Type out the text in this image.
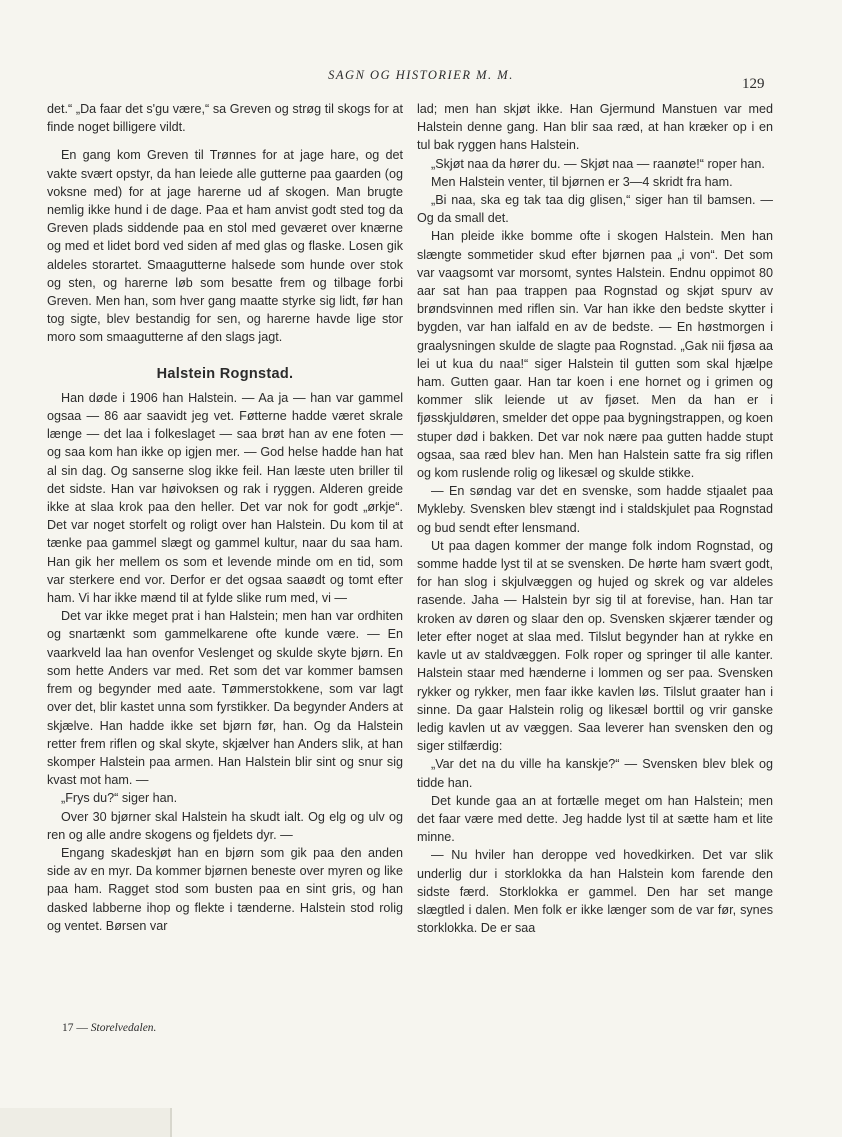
SAGN OG HISTORIER M. M.
129

det.“ „Da faar det s'gu være,“ sa Greven og strøg til skogs for at finde noget billigere vildt.

En gang kom Greven til Trønnes for at jage hare, og det vakte svært opstyr, da han leiede alle gutterne paa gaarden (og voksne med) for at jage harerne ud af skogen. Man brugte nemlig ikke hund i de dage. Paa et ham anvist godt sted tog da Greven plads siddende paa en stol med geværet over knærne og med et lidet bord ved siden af med glas og flaske. Losen gik aldeles storartet. Smaagutterne halsede som hunde over stok og sten, og harerne løb som besatte frem og tilbage forbi Greven. Men han, som hver gang maatte styrke sig lidt, før han tog sigte, blev bestandig for sen, og harerne havde lige stor moro som smaagutterne af den slags jagt.

Halstein Rognstad.

Han døde i 1906 han Halstein. — Aa ja — han var gammel ogsaa — 86 aar saavidt jeg vet. Føtterne hadde været skrale længe — det laa i folkeslaget — saa brøt han av ene foten — og saa kom han ikke op igjen mer. — God helse hadde han hat al sin dag. Og sanserne slog ikke feil. Han læste uten briller til det sidste. Han var høivoksen og rak i ryggen. Alderen greide ikke at slaa krok paa den heller. Det var nok for godt „ørkje“. Det var noget storfelt og roligt over han Halstein. Du kom til at tænke paa gammel slægt og gammel kultur, naar du saa ham. Han gik her mellem os som et levende minde om en tid, som var sterkere end vor. Derfor er det ogsaa saaødt og tomt efter ham. Vi har ikke mænd til at fylde slike rum med, vi —

Det var ikke meget prat i han Halstein; men han var ordhiten og snartænkt som gammelkarene ofte kunde være. — En vaarkveld laa han ovenfor Veslenget og skulde skyte bjørn. En som hette Anders var med. Ret som det var kommer bamsen frem og begynder med aate. Tømmerstokkene, som var lagt over det, blir kastet unna som fyrstikker. Da begynder Anders at skjælve. Han hadde ikke set bjørn før, han. Og da Halstein retter frem riflen og skal skyte, skjælver han Anders slik, at han skomper Halstein paa armen. Han Halstein blir sint og snur sig kvast mot ham. —

„Frys du?“ siger han.

Over 30 bjørner skal Halstein ha skudt ialt. Og elg og ulv og ren og alle andre skogens og fjeldets dyr. —

Engang skadeskjøt han en bjørn som gik paa den anden side av en myr. Da kommer bjørnen beneste over myren og like paa ham. Ragget stod som busten paa en sint gris, og han dasked labberne ihop og flekte i tænderne. Halstein stod rolig og ventet. Børsen var

lad; men han skjøt ikke. Han Gjermund Manstuen var med Halstein denne gang. Han blir saa ræd, at han kræker op i en tul bak ryggen hans Halstein.

„Skjøt naa da hører du. — Skjøt naa — raanøte!“ roper han.

Men Halstein venter, til bjørnen er 3—4 skridt fra ham.

„Bi naa, ska eg tak taa dig glisen,“ siger han til bamsen. — Og da small det.

Han pleide ikke bomme ofte i skogen Halstein. Men han slængte sommetider skud efter bjørnen paa „i von“. Det som var vaagsomt var morsomt, syntes Halstein. Endnu oppimot 80 aar sat han paa trappen paa Rognstad og skjøt spurv av brøndsvinnen med riflen sin. Var han ikke den bedste skytter i bygden, var han ialfald en av de bedste. — En høstmorgen i graalysningen skulde de slagte paa Rognstad. „Gak nii fjøsa aa lei ut kua du naa!“ siger Halstein til gutten som skal hjælpe ham. Gutten gaar. Han tar koen i ene hornet og i grimen og kommer slik leiende ut av fjøset. Men da han er i fjøsskjuldøren, smelder det oppe paa bygningstrappen, og koen stuper død i bakken. Det var nok nære paa gutten hadde stupt ogsaa, saa ræd blev han. Men han Halstein satte fra sig riflen og kom ruslende rolig og likesæl og skulde stikke.

— En søndag var det en svenske, som hadde stjaalet paa Mykleby. Svensken blev stængt ind i staldskjulet paa Rognstad og bud sendt efter lensmand.

Ut paa dagen kommer der mange folk indom Rognstad, og somme hadde lyst til at se svensken. De hørte ham svært godt, for han slog i skjulvæggen og hujed og skrek og var aldeles rasende. Jaha — Halstein byr sig til at forevise, han. Han tar kroken av døren og slaar den op. Svensken skjærer tænder og leter efter noget at slaa med. Tilslut begynder han at rykke en kavle ut av staldvæggen. Folk roper og springer til alle kanter. Halstein staar med hænderne i lommen og ser paa. Svensken rykker og rykker, men faar ikke kavlen løs. Tilslut graater han i sinne. Da gaar Halstein rolig og likesæl borttil og vrir ganske ledig kavlen ut av væggen. Saa leverer han svensken den og siger stilfærdig:

„Var det na du ville ha kanskje?“ — Svensken blev blek og tidde han.

Det kunde gaa an at fortælle meget om han Halstein; men det faar være med dette. Jeg hadde lyst til at sætte ham et lite minne.

— Nu hviler han deroppe ved hovedkirken. Det var slik underlig dur i storklokka da han Halstein kom farende den sidste færd. Storklokka er gammel. Den har set mange slægtled i dalen. Men folk er ikke længer som de var før, synes storklokka. De er saa

17 — Storelvedalen.
